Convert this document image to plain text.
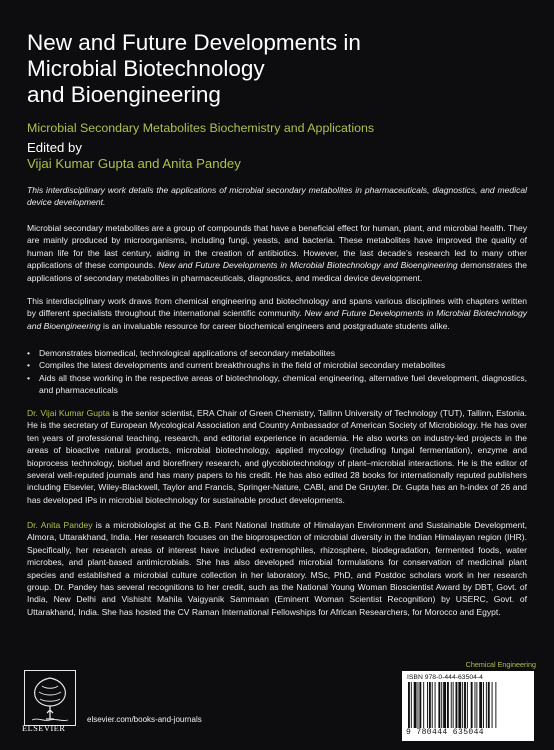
New and Future Developments in
Microbial Biotechnology
and Bioengineering
Microbial Secondary Metabolites Biochemistry and Applications
Edited by
Vijai Kumar Gupta and Anita Pandey

This interdisciplinary work details the applications of microbial secondary metabolites in pharmaceuticals, diagnostics, and medical device development.

Microbial secondary metabolites are a group of compounds that have a beneficial effect for human, plant, and microbial health. They are mainly produced by microorganisms, including fungi, yeasts, and bacteria. These metabolites have improved the quality of human life for the last century, aiding in the creation of antibiotics. However, the last decade’s research led to many other applications of these compounds. New and Future Developments in Microbial Biotechnology and Bioengineering demonstrates the applications of secondary metabolites in pharmaceuticals, diagnostics, and medical device development.

This interdisciplinary work draws from chemical engineering and biotechnology and spans various disciplines with chapters written by different specialists throughout the international scientific community. New and Future Developments in Microbial Biotechnology and Bioengineering is an invaluable resource for career biochemical engineers and postgraduate students alike.

• Demonstrates biomedical, technological applications of secondary metabolites
• Compiles the latest developments and current breakthroughs in the field of microbial secondary metabolites
• Aids all those working in the respective areas of biotechnology, chemical engineering, alternative fuel development, diagnostics, and pharmaceuticals

Dr. Vijai Kumar Gupta is the senior scientist, ERA Chair of Green Chemistry, Tallinn University of Technology (TUT), Tallinn, Estonia. He is the secretary of European Mycological Association and Country Ambassador of American Society of Microbiology. He has over ten years of professional teaching, research, and editorial experience in academia. He also works on industry-led projects in the areas of bioactive natural products, microbial biotechnology, applied mycology (including fungal fermentation), enzyme and bioprocess technology, biofuel and biorefinery research, and glycobiotechnology of plant–microbial interactions. He is the editor of several well-reputed journals and has many papers to his credit. He has also edited 28 books for internationally reputed publishers including Elsevier, Wiley-Blackwell, Taylor and Francis, Springer-Nature, CABI, and De Gruyter. Dr. Gupta has an h-index of 26 and has developed IPs in microbial biotechnology for sustainable product developments.

Dr. Anita Pandey is a microbiologist at the G.B. Pant National Institute of Himalayan Environment and Sustainable Development, Almora, Uttarakhand, India. Her research focuses on the bioprospection of microbial diversity in the Indian Himalayan region (IHR). Specifically, her research areas of interest have included extremophiles, rhizosphere, biodegradation, fermented foods, water microbes, and plant-based antimicrobials. She has also developed microbial formulations for conservation of medicinal plant species and established a microbial culture collection in her laboratory. MSc, PhD, and Postdoc scholars work in her research group. Dr. Pandey has several recognitions to her credit, such as the National Young Woman Bioscientist Award by DBT, Govt. of India, New Delhi and Vishisht Mahila Vaigyanik Sammaan (Eminent Woman Scientist Recognition) by USERC, Govt. of Uttarakhand, India. She has hosted the CV Raman International Fellowships for African Researchers, for Morocco and Egypt.

Chemical Engineering
ELSEVIER
elsevier.com/books-and-journals
ISBN 978-0-444-63504-4
9 780444 635044
